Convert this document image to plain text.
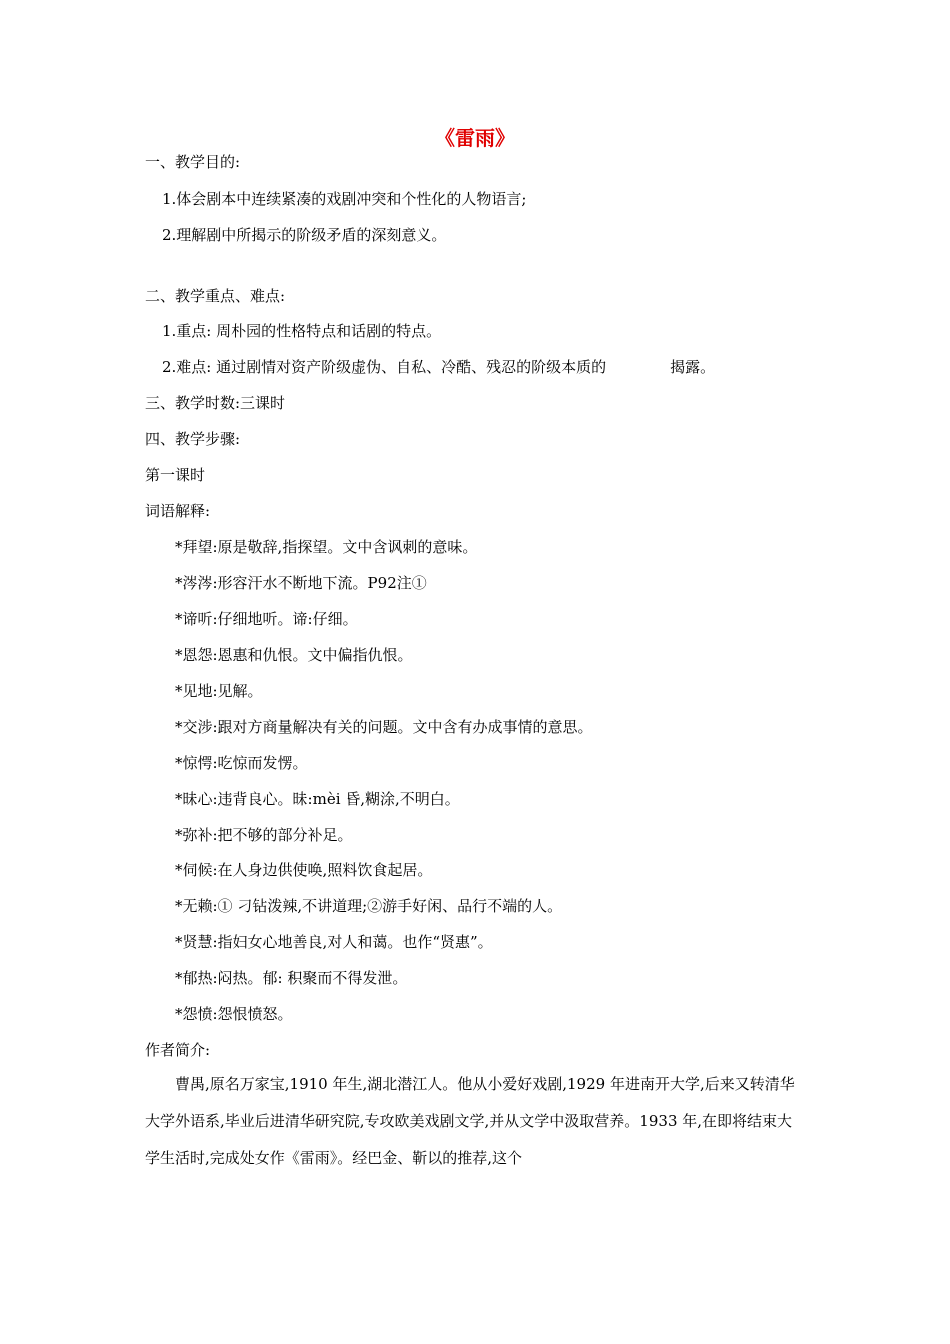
《雷雨》
一、教学目的:
1.体会剧本中连续紧凑的戏剧冲突和个性化的人物语言;
2.理解剧中所揭示的阶级矛盾的深刻意义。
二、教学重点、难点:
1.重点: 周朴园的性格特点和话剧的特点。
2.难点: 通过剧情对资产阶级虚伪、自私、冷酷、残忍的阶级本质的	揭露。
三、教学时数:三课时
四、教学步骤:
第一课时
词语解释:
*拜望:原是敬辞,指探望。文中含讽刺的意味。
*涔涔:形容汗水不断地下流。P92注①
*谛听:仔细地听。谛:仔细。
*恩怨:恩惠和仇恨。文中偏指仇恨。
*见地:见解。
*交涉:跟对方商量解决有关的问题。文中含有办成事情的意思。
*惊愕:吃惊而发愣。
*昧心:违背良心。昧:mèi 昏,糊涂,不明白。
*弥补:把不够的部分补足。
*伺候:在人身边供使唤,照料饮食起居。
*无赖:① 刁钻泼辣,不讲道理;②游手好闲、品行不端的人。
*贤慧:指妇女心地善良,对人和蔼。也作“贤惠”。
*郁热:闷热。郁: 积聚而不得发泄。
*怨愤:怨恨愤怒。
作者简介:
曹禺,原名万家宝,1910 年生,湖北潜江人。他从小爱好戏剧,1929 年进南开大学,后来又转清华大学外语系,毕业后进清华研究院,专攻欧美戏剧文学,并从文学中汲取营养。1933 年,在即将结束大学生活时,完成处女作《雷雨》。经巴金、靳以的推荐,这个
